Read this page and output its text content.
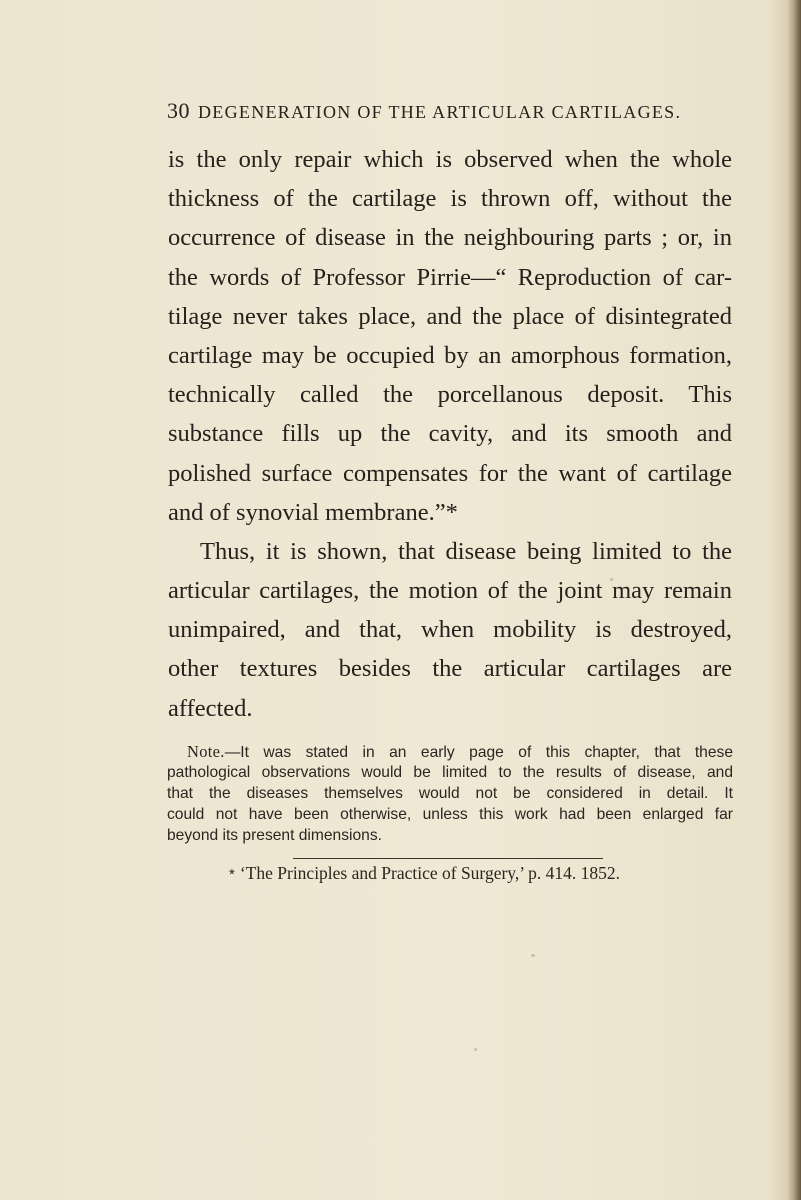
30 DEGENERATION OF THE ARTICULAR CARTILAGES.
is the only repair which is observed when the whole
thickness of the cartilage is thrown off, without the
occurrence of disease in the neighbouring parts ; or, in
the words of Professor Pirrie—“ Reproduction of car-
tilage never takes place, and the place of disintegrated
cartilage may be occupied by an amorphous formation,
technically called the porcellanous deposit. This
substance fills up the cavity, and its smooth and
polished surface compensates for the want of cartilage
and of synovial membrane.”*
Thus, it is shown, that disease being limited to the
articular cartilages, the motion of the joint may remain
unimpaired, and that, when mobility is destroyed,
other textures besides the articular cartilages are
affected.
Note.—It was stated in an early page of this chapter, that these
pathological observations would be limited to the results of disease, and
that the diseases themselves would not be considered in detail. It
could not have been otherwise, unless this work had been enlarged far
beyond its present dimensions.
* ‘The Principles and Practice of Surgery,’ p. 414. 1852.
